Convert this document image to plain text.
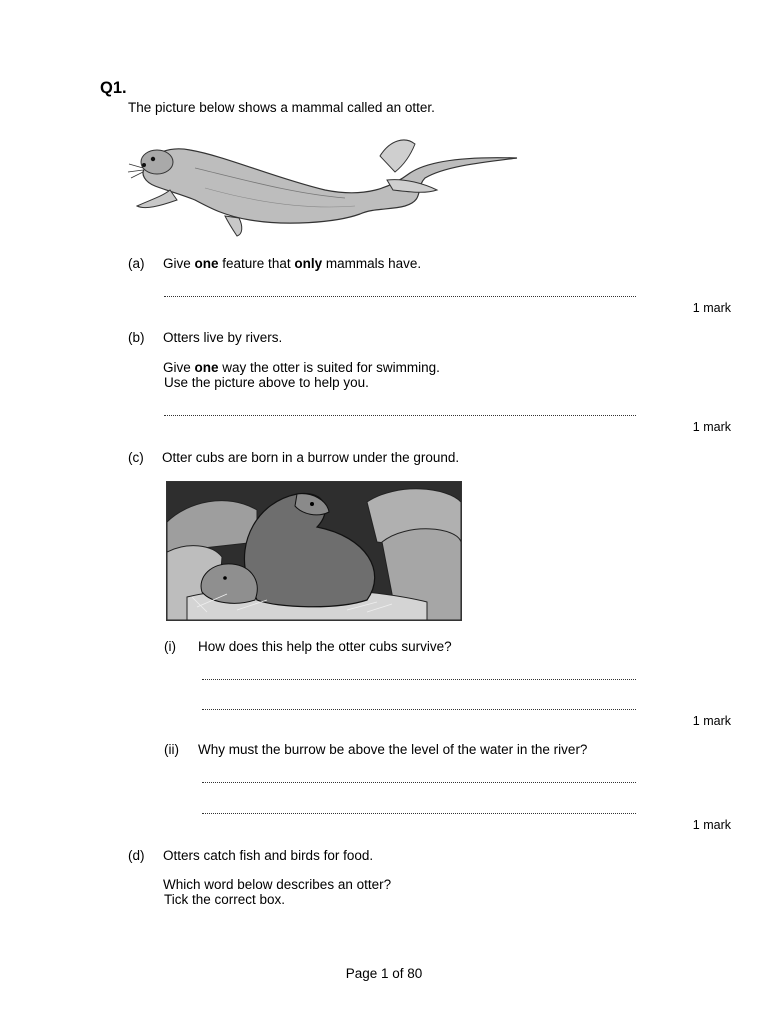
Q1.
The picture below shows a mammal called an otter.
(a) Give one feature that only mammals have.
1 mark
(b) Otters live by rivers.
Give one way the otter is suited for swimming.
Use the picture above to help you.
1 mark
(c) Otter cubs are born in a burrow under the ground.
(i) How does this help the otter cubs survive?
1 mark
(ii) Why must the burrow be above the level of the water in the river?
1 mark
(d) Otters catch fish and birds for food.
Which word below describes an otter?
Tick the correct box.
Page 1 of 80
